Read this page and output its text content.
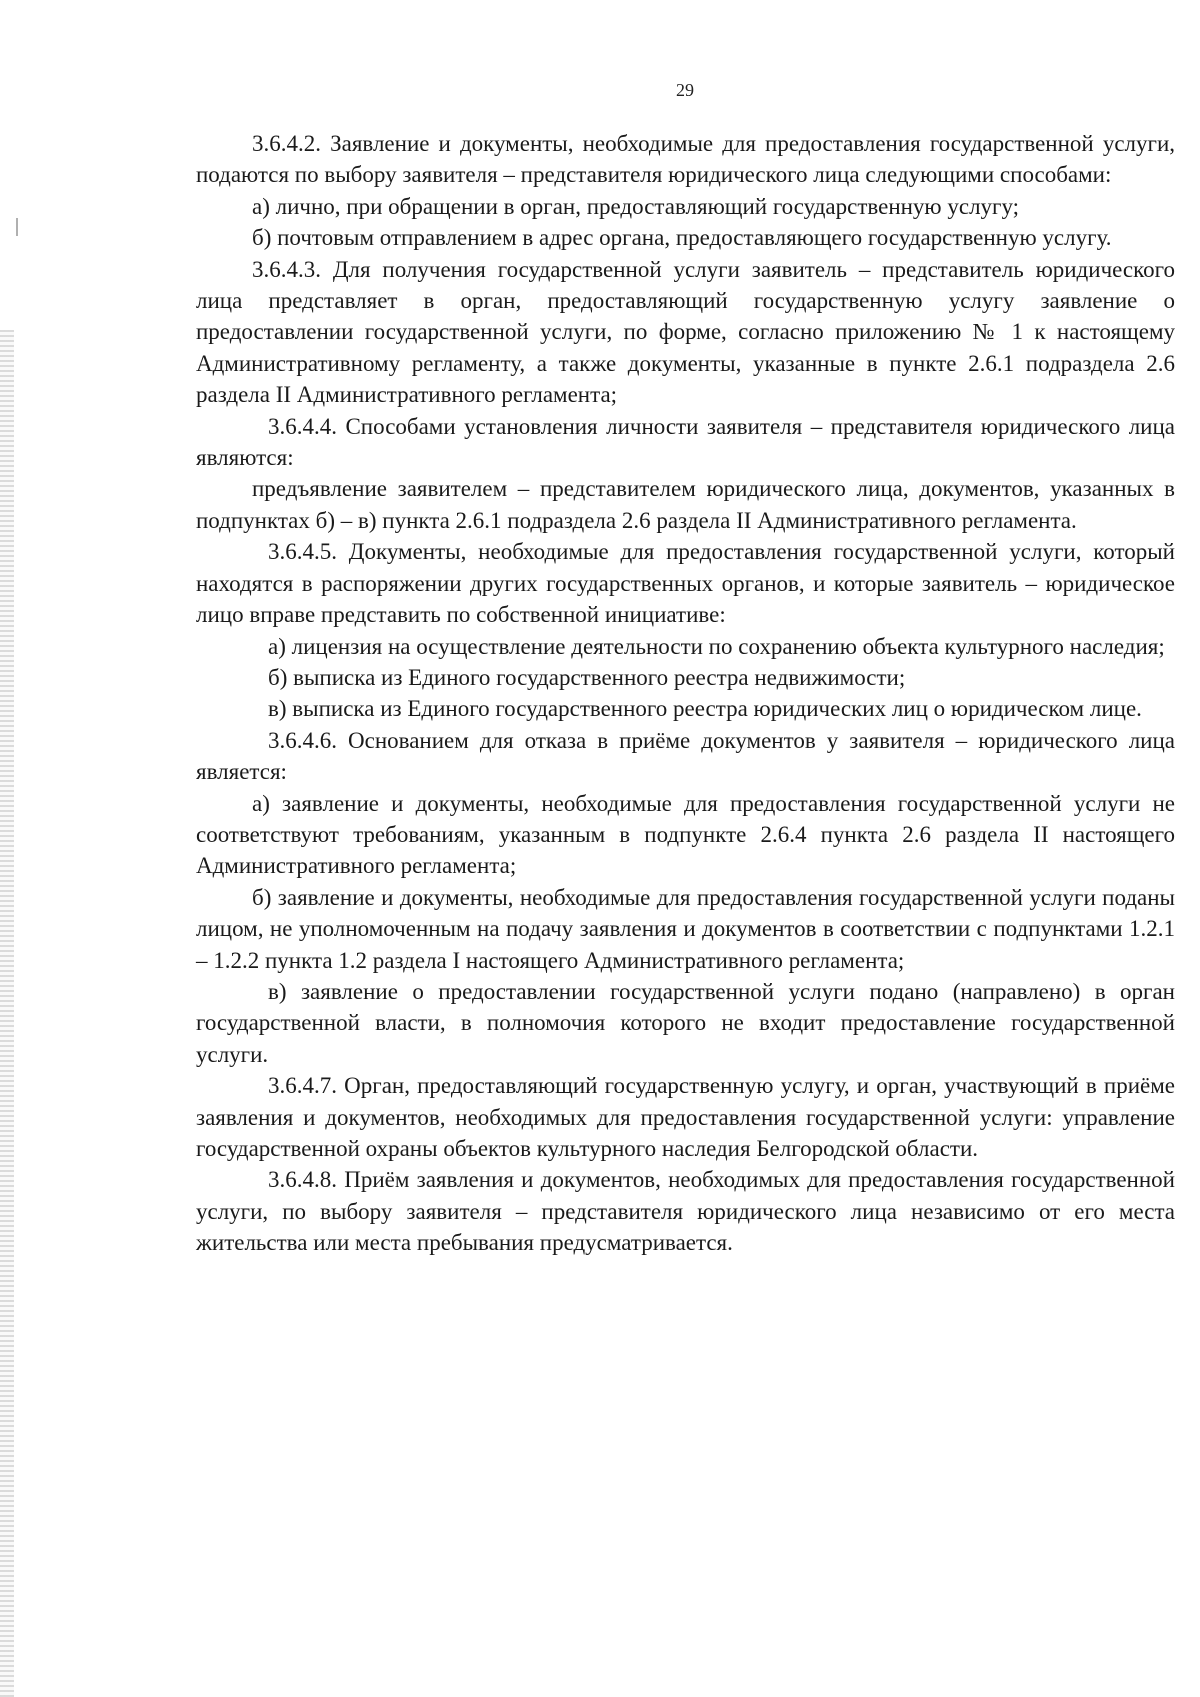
29

3.6.4.2. Заявление и документы, необходимые для предоставления государственной услуги, подаются по выбору заявителя – представителя юридического лица следующими способами:

а) лично, при обращении в орган, предоставляющий государственную услугу;

б) почтовым отправлением в адрес органа, предоставляющего государственную услугу.

3.6.4.3. Для получения государственной услуги заявитель – представитель юридического лица представляет в орган, предоставляющий государственную услугу заявление о предоставлении государственной услуги, по форме, согласно приложению № 1 к настоящему Административному регламенту, а также документы, указанные в пункте 2.6.1 подраздела 2.6 раздела II Административного регламента;

3.6.4.4. Способами установления личности заявителя – представителя юридического лица являются:

предъявление заявителем – представителем юридического лица, документов, указанных в подпунктах б) – в) пункта 2.6.1 подраздела 2.6 раздела II Административного регламента.

3.6.4.5. Документы, необходимые для предоставления государственной услуги, который находятся в распоряжении других государственных органов, и которые заявитель – юридическое лицо вправе представить по собственной инициативе:

а) лицензия на осуществление деятельности по сохранению объекта культурного наследия;

б) выписка из Единого государственного реестра недвижимости;

в) выписка из Единого государственного реестра юридических лиц о юридическом лице.

3.6.4.6. Основанием для отказа в приёме документов у заявителя – юридического лица является:

а) заявление и документы, необходимые для предоставления государственной услуги не соответствуют требованиям, указанным в подпункте 2.6.4 пункта 2.6 раздела II настоящего Административного регламента;

б) заявление и документы, необходимые для предоставления государственной услуги поданы лицом, не уполномоченным на подачу заявления и документов в соответствии с подпунктами 1.2.1 – 1.2.2 пункта 1.2 раздела I настоящего Административного регламента;

в) заявление о предоставлении государственной услуги подано (направлено) в орган государственной власти, в полномочия которого не входит предоставление государственной услуги.

3.6.4.7. Орган, предоставляющий государственную услугу, и орган, участвующий в приёме заявления и документов, необходимых для предоставления государственной услуги: управление государственной охраны объектов культурного наследия Белгородской области.

3.6.4.8. Приём заявления и документов, необходимых для предоставления государственной услуги, по выбору заявителя – представителя юридического лица независимо от его места жительства или места пребывания предусматривается.
